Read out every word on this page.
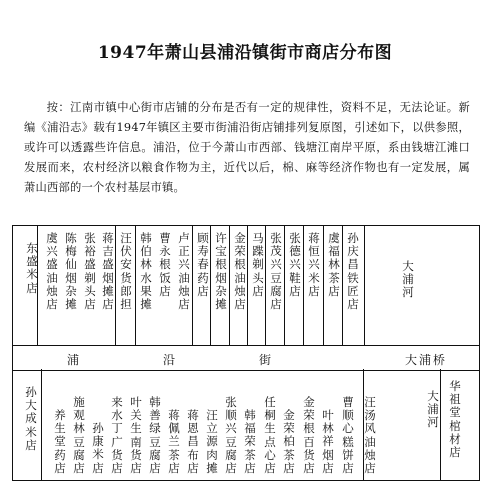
1947年萧山县浦沿镇街市商店分布图
按：江南市镇中心街市店铺的分布是否有一定的规律性，资料不足，无法论证。新编《浦沿志》载有1947年镇区主要市街浦沿街店铺排列复原图，引述如下，以供参照，或许可以透露些许信息。浦沿，位于今萧山市西部、钱塘江南岸平原，系由钱塘江滩口发展而来，农村经济以粮食作物为主，近代以后，棉、麻等经济作物也有一定发展，属萧山西部的一个农村基层市镇。
浦	沿	街	大浦桥
东
盛
米
店
虞
兴
盛
油
烛
店
陈
梅
仙
烟
杂
摊
张
裕
盛
剃
头
店
蒋
吉
盛
烟
摊
店
汪
伏
安
货
郎
担
韩
伯
林
水
果
摊
曹
永
根
饭
店
卢
正
兴
油
烛
店
顾
寿
春
药
店
许
宝
根
烟
杂
摊
金
荣
根
油
烛
店
马
蹀
剃
头
店
张
茂
兴
豆
腐
店
张
德
兴
鞋
店
蒋
恒
兴
米
店
虞
福
林
茶
店
孙
庆
昌
铁
匠
店
大
浦
河
孙
大
成
米
店
养
生
堂
药
店
施
观
林
豆
腐
店
孙
康
米
店
来
水
丁
广
货
店
叶
关
生
南
货
店
韩
善
绿
豆
腐
店
蒋
佩
兰
茶
店
蒋
恩
昌
布
店
汪
立
源
肉
摊
张
顺
兴
豆
腐
店
韩
福
荣
茶
店
任
桐
生
点
心
店
金
荣
柏
茶
店
金
荣
根
百
货
店
叶
林
祥
烟
店
曹
顺
心
糕
饼
店
汪
汤
风
油
烛
店
大
浦
河
华
祖
堂
棺
材
店
